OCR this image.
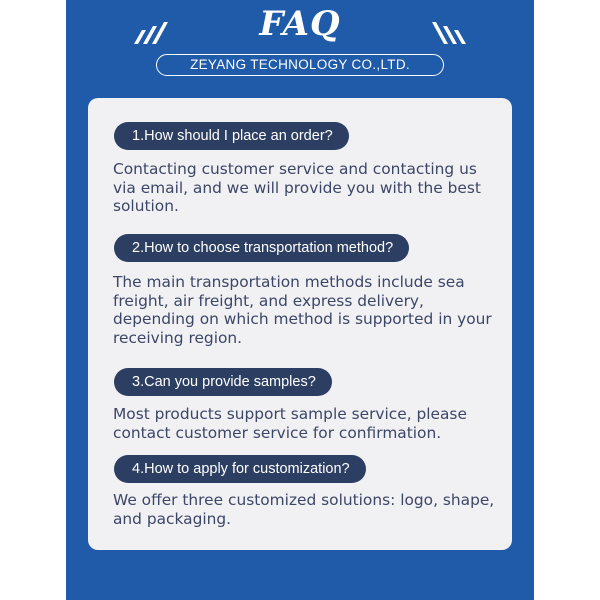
FAQ
ZEYANG TECHNOLOGY CO.,LTD.
1.How should I place an order?

Contacting customer service and contacting us via email, and we will provide you with the best solution.

2.How to choose transportation method?

The main transportation methods include sea freight, air freight, and express delivery, depending on which method is supported in your receiving region.

3.Can you provide samples?

Most products support sample service, please contact customer service for confirmation.

4.How to apply for customization?

We offer three customized solutions: logo, shape, and packaging.
